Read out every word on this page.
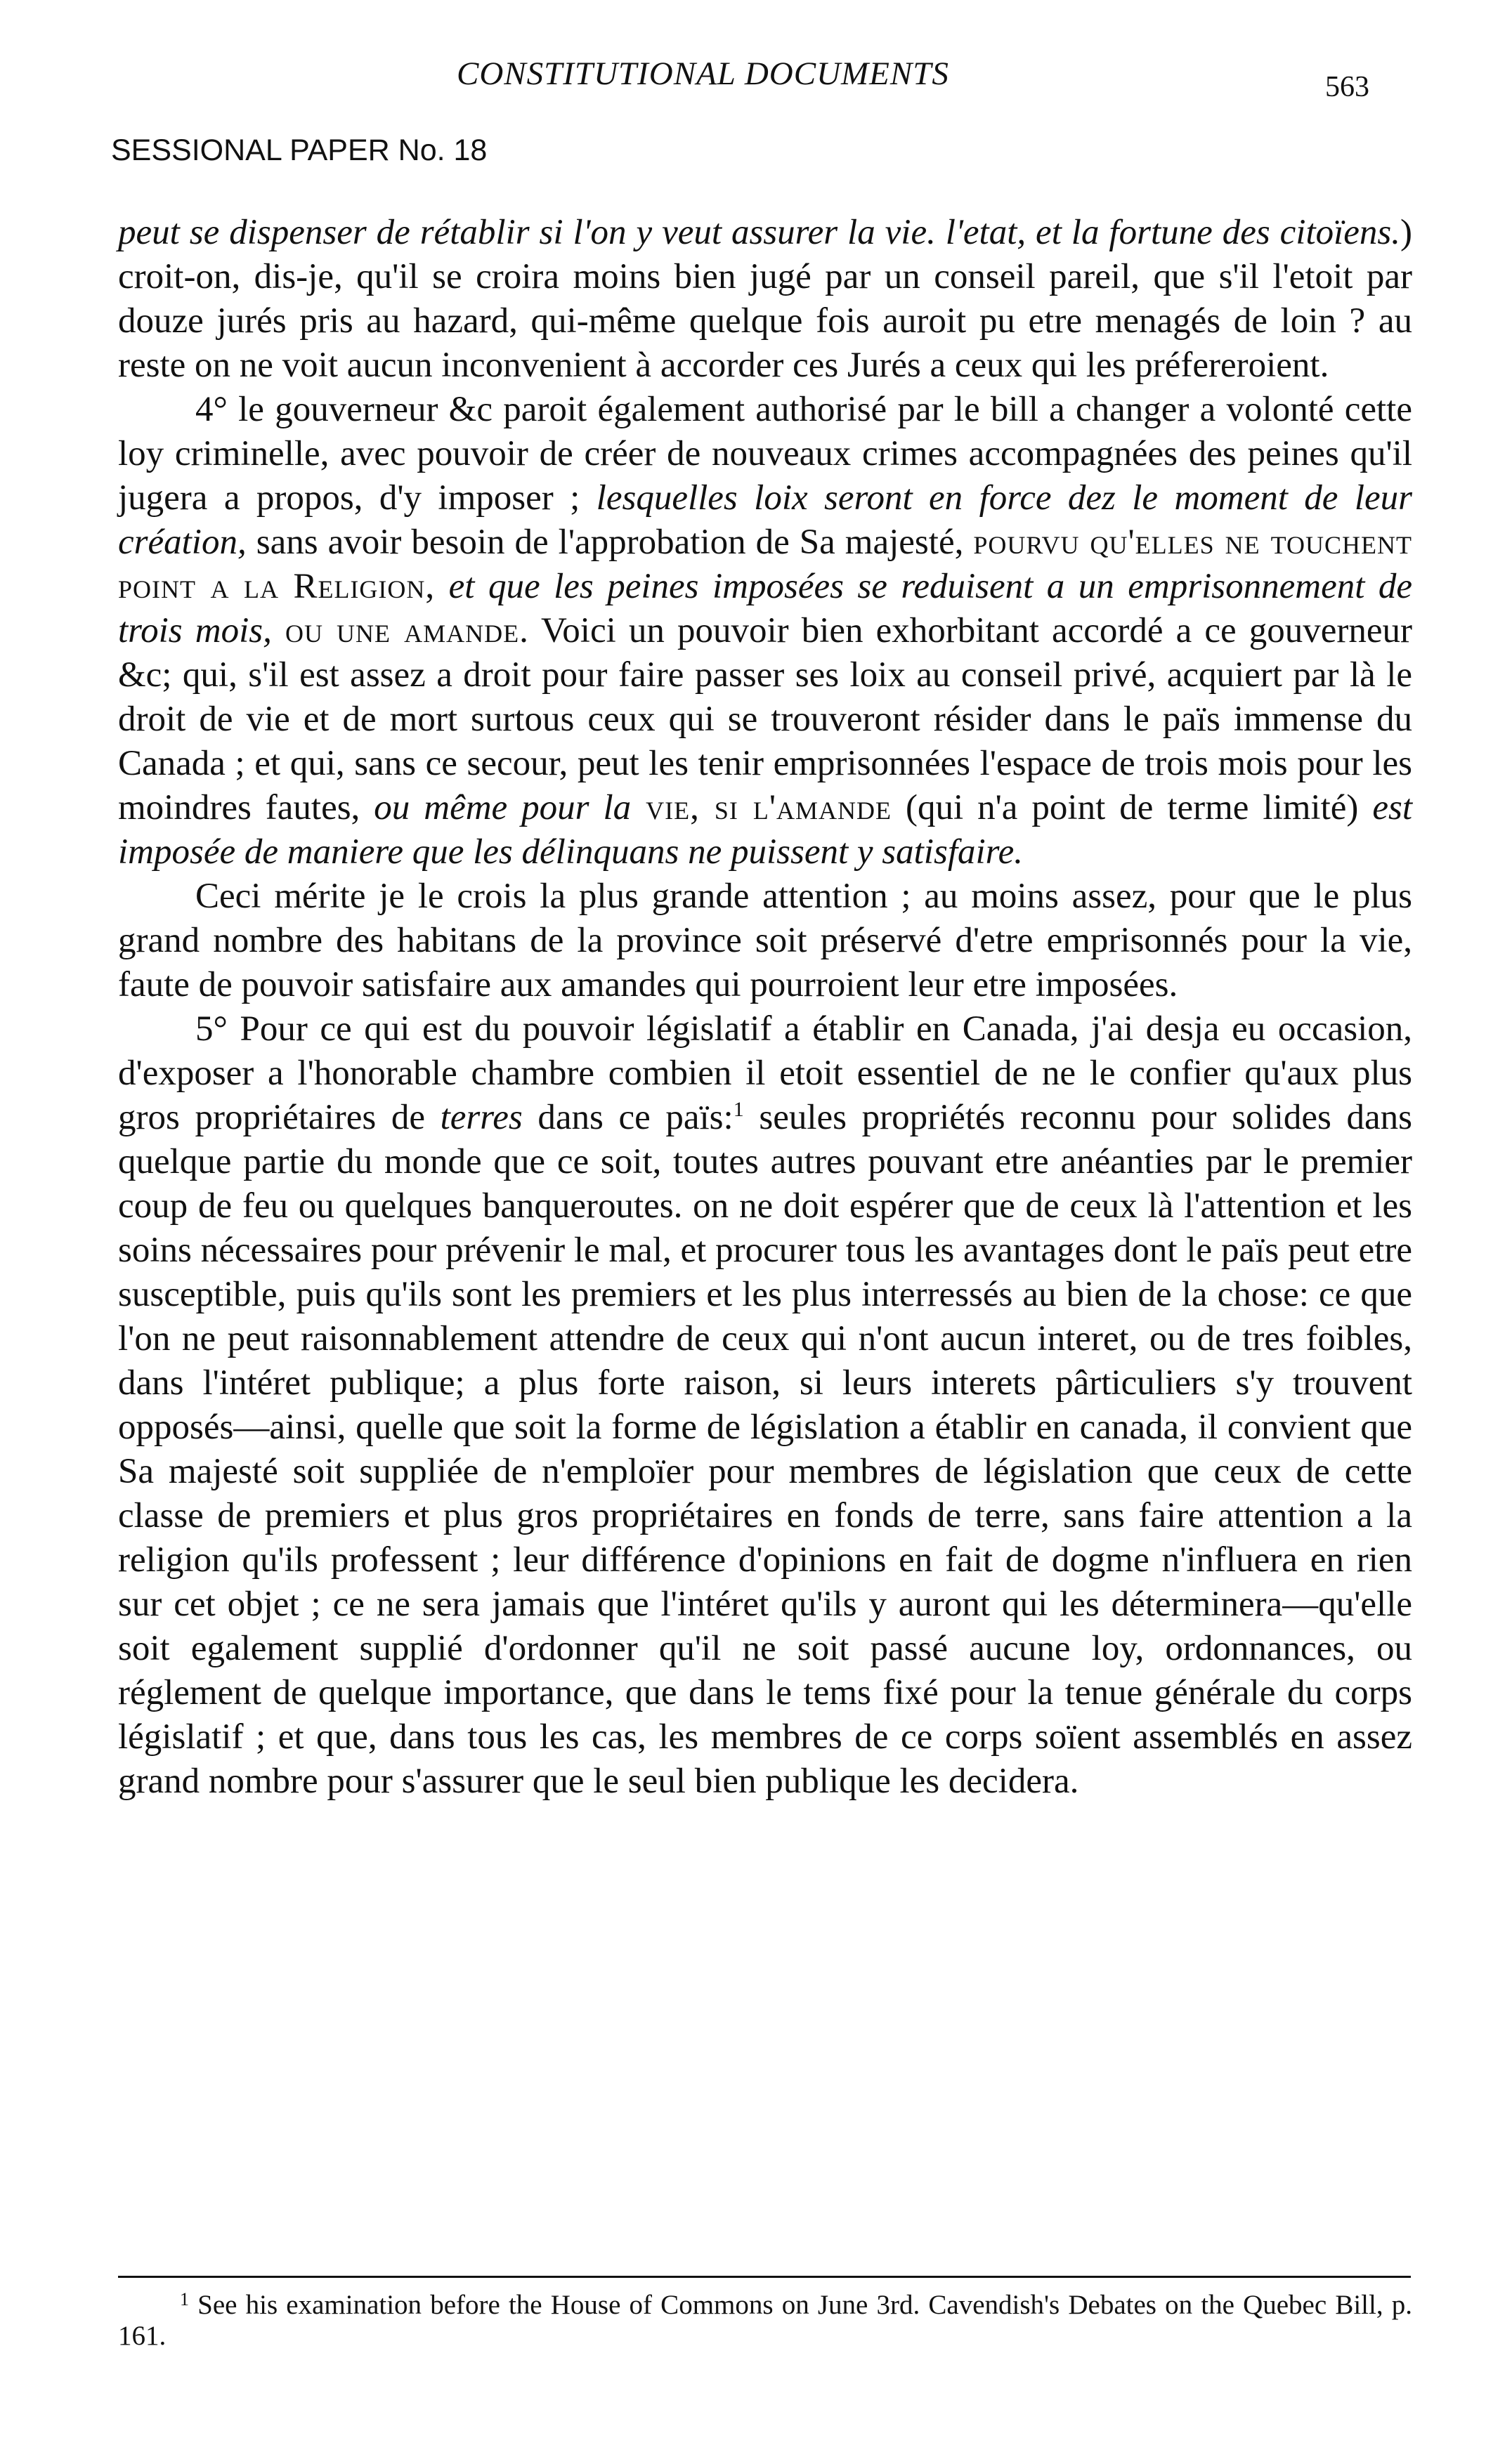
CONSTITUTIONAL DOCUMENTS	563
SESSIONAL PAPER No. 18

peut se dispenser de rétablir si l'on y veut assurer la vie. l'etat, et la fortune des citoïens.) croit-on, dis-je, qu'il se croira moins bien jugé par un conseil pareil, que s'il l'etoit par douze jurés pris au hazard, qui-même quelque fois auroit pu etre menagés de loin ? au reste on ne voit aucun inconvenient à accorder ces Jurés a ceux qui les préfereroient.

4° le gouverneur &c paroit également authorisé par le bill a changer a volonté cette loy criminelle, avec pouvoir de créer de nouveaux crimes accompagnées des peines qu'il jugera a propos, d'y imposer ; lesquelles loix seront en force dez le moment de leur création, sans avoir besoin de l'approbation de Sa majesté, pourvu qu'elles ne touchent point a la Religion, et que les peines imposées se reduisent a un emprisonnement de trois mois, ou une amande. Voici un pouvoir bien exhorbitant accordé a ce gouverneur &c; qui, s'il est assez a droit pour faire passer ses loix au conseil privé, acquiert par là le droit de vie et de mort surtous ceux qui se trouveront résider dans le païs immense du Canada ; et qui, sans ce secour, peut les tenir emprisonnées l'espace de trois mois pour les moindres fautes, ou même pour la vie, si l'amande (qui n'a point de terme limité) est imposée de maniere que les délinquans ne puissent y satisfaire.

Ceci mérite je le crois la plus grande attention ; au moins assez, pour que le plus grand nombre des habitans de la province soit préservé d'etre emprisonnés pour la vie, faute de pouvoir satisfaire aux amandes qui pourroient leur etre imposées.

5° Pour ce qui est du pouvoir législatif a établir en Canada, j'ai desja eu occasion, d'exposer a l'honorable chambre combien il etoit essentiel de ne le confier qu'aux plus gros propriétaires de terres dans ce païs:$^1$ seules propriétés reconnu pour solides dans quelque partie du monde que ce soit, toutes autres pouvant etre anéanties par le premier coup de feu ou quelques banqueroutes. on ne doit espérer que de ceux là l'attention et les soins nécessaires pour prévenir le mal, et procurer tous les avantages dont le païs peut etre susceptible, puis qu'ils sont les premiers et les plus interressés au bien de la chose: ce que l'on ne peut raisonnablement attendre de ceux qui n'ont aucun interet, ou de tres foibles, dans l'intéret publique; a plus forte raison, si leurs interets pârticuliers s'y trouvent opposés—ainsi, quelle que soit la forme de législation a établir en canada, il convient que Sa majesté soit suppliée de n'emploïer pour membres de législation que ceux de cette classe de premiers et plus gros propriétaires en fonds de terre, sans faire attention a la religion qu'ils professent ; leur différence d'opinions en fait de dogme n'influera en rien sur cet objet ; ce ne sera jamais que l'intéret qu'ils y auront qui les déterminera—qu'elle soit egalement supplié d'ordonner qu'il ne soit passé aucune loy, ordonnances, ou réglement de quelque importance, que dans le tems fixé pour la tenue générale du corps législatif ; et que, dans tous les cas, les membres de ce corps soïent assemblés en assez grand nombre pour s'assurer que le seul bien publique les decidera.

$^1$ See his examination before the House of Commons on June 3rd. Cavendish's Debates on the Quebec Bill, p. 161.
